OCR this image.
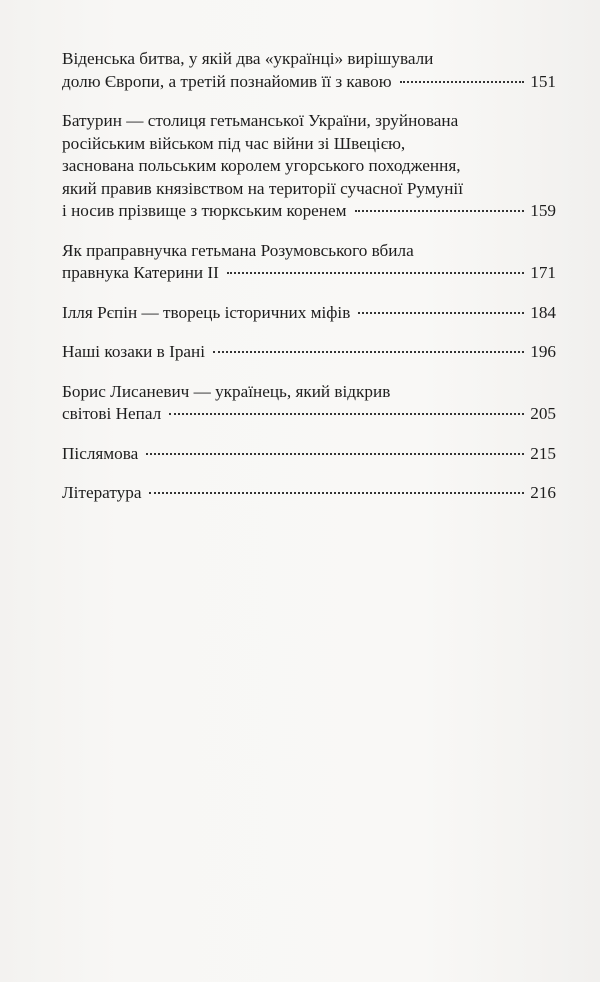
Віденська битва, у якій два «українці» вирішували
долю Європи, а третій познайомив її з кавою	151
Батурин — столиця гетьманської України, зруйнована
російським військом під час війни зі Швецією,
заснована польським королем угорського походження,
який правив князівством на території сучасної Румунії
і носив прізвище з тюркським коренем	159
Як праправнучка гетьмана Розумовського вбила
правнука Катерини II	171
Ілля Рєпін — творець історичних міфів	184
Наші козаки в Ірані	196
Борис Лисаневич — українець, який відкрив
світові Непал	205
Післямова	215
Література	216
